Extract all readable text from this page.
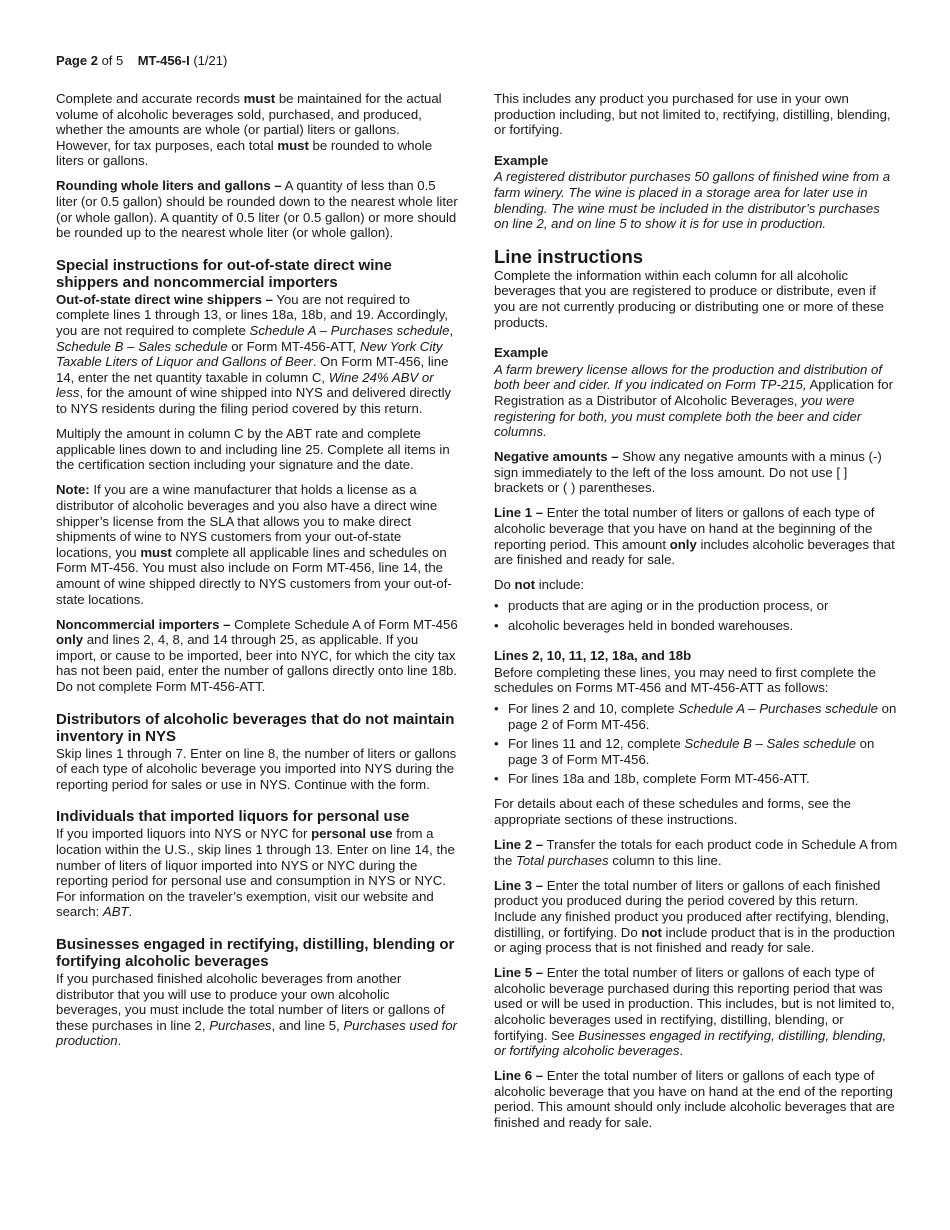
Page 2 of 5 MT-456-I (1/21)

Complete and accurate records must be maintained for the actual volume of alcoholic beverages sold, purchased, and produced, whether the amounts are whole (or partial) liters or gallons. However, for tax purposes, each total must be rounded to whole liters or gallons.

Rounding whole liters and gallons – A quantity of less than 0.5 liter (or 0.5 gallon) should be rounded down to the nearest whole liter (or whole gallon). A quantity of 0.5 liter (or 0.5 gallon) or more should be rounded up to the nearest whole liter (or whole gallon).

Special instructions for out-of-state direct wine shippers and noncommercial importers

Out-of-state direct wine shippers – You are not required to complete lines 1 through 13, or lines 18a, 18b, and 19. Accordingly, you are not required to complete Schedule A – Purchases schedule, Schedule B – Sales schedule or Form MT-456-ATT, New York City Taxable Liters of Liquor and Gallons of Beer. On Form MT-456, line 14, enter the net quantity taxable in column C, Wine 24% ABV or less, for the amount of wine shipped into NYS and delivered directly to NYS residents during the filing period covered by this return.

Multiply the amount in column C by the ABT rate and complete applicable lines down to and including line 25. Complete all items in the certification section including your signature and the date.

Note: If you are a wine manufacturer that holds a license as a distributor of alcoholic beverages and you also have a direct wine shipper’s license from the SLA that allows you to make direct shipments of wine to NYS customers from your out-of-state locations, you must complete all applicable lines and schedules on Form MT-456. You must also include on Form MT-456, line 14, the amount of wine shipped directly to NYS customers from your out-of-state locations.

Noncommercial importers – Complete Schedule A of Form MT-456 only and lines 2, 4, 8, and 14 through 25, as applicable. If you import, or cause to be imported, beer into NYC, for which the city tax has not been paid, enter the number of gallons directly onto line 18b. Do not complete Form MT-456-ATT.

Distributors of alcoholic beverages that do not maintain inventory in NYS

Skip lines 1 through 7. Enter on line 8, the number of liters or gallons of each type of alcoholic beverage you imported into NYS during the reporting period for sales or use in NYS. Continue with the form.

Individuals that imported liquors for personal use

If you imported liquors into NYS or NYC for personal use from a location within the U.S., skip lines 1 through 13. Enter on line 14, the number of liters of liquor imported into NYS or NYC during the reporting period for personal use and consumption in NYS or NYC. For information on the traveler’s exemption, visit our website and search: ABT.

Businesses engaged in rectifying, distilling, blending or fortifying alcoholic beverages

If you purchased finished alcoholic beverages from another distributor that you will use to produce your own alcoholic beverages, you must include the total number of liters or gallons of these purchases in line 2, Purchases, and line 5, Purchases used for production.

This includes any product you purchased for use in your own production including, but not limited to, rectifying, distilling, blending, or fortifying.

Example

A registered distributor purchases 50 gallons of finished wine from a farm winery. The wine is placed in a storage area for later use in blending. The wine must be included in the distributor’s purchases on line 2, and on line 5 to show it is for use in production.

Line instructions

Complete the information within each column for all alcoholic beverages that you are registered to produce or distribute, even if you are not currently producing or distributing one or more of these products.

Example

A farm brewery license allows for the production and distribution of both beer and cider. If you indicated on Form TP-215, Application for Registration as a Distributor of Alcoholic Beverages, you were registering for both, you must complete both the beer and cider columns.

Negative amounts – Show any negative amounts with a minus (-) sign immediately to the left of the loss amount. Do not use [ ] brackets or ( ) parentheses.

Line 1 – Enter the total number of liters or gallons of each type of alcoholic beverage that you have on hand at the beginning of the reporting period. This amount only includes alcoholic beverages that are finished and ready for sale.

Do not include:

• products that are aging or in the production process, or
• alcoholic beverages held in bonded warehouses.
Lines 2, 10, 11, 12, 18a, and 18b

Before completing these lines, you may need to first complete the schedules on Forms MT-456 and MT-456-ATT as follows:

• For lines 2 and 10, complete Schedule A – Purchases schedule on page 2 of Form MT-456.
• For lines 11 and 12, complete Schedule B – Sales schedule on page 3 of Form MT-456.
• For lines 18a and 18b, complete Form MT-456-ATT.

For details about each of these schedules and forms, see the appropriate sections of these instructions.

Line 2 – Transfer the totals for each product code in Schedule A from the Total purchases column to this line.

Line 3 – Enter the total number of liters or gallons of each finished product you produced during the period covered by this return. Include any finished product you produced after rectifying, blending, distilling, or fortifying. Do not include product that is in the production or aging process that is not finished and ready for sale.

Line 5 – Enter the total number of liters or gallons of each type of alcoholic beverage purchased during this reporting period that was used or will be used in production. This includes, but is not limited to, alcoholic beverages used in rectifying, distilling, blending, or fortifying. See Businesses engaged in rectifying, distilling, blending, or fortifying alcoholic beverages.

Line 6 – Enter the total number of liters or gallons of each type of alcoholic beverage that you have on hand at the end of the reporting period. This amount should only include alcoholic beverages that are finished and ready for sale.
